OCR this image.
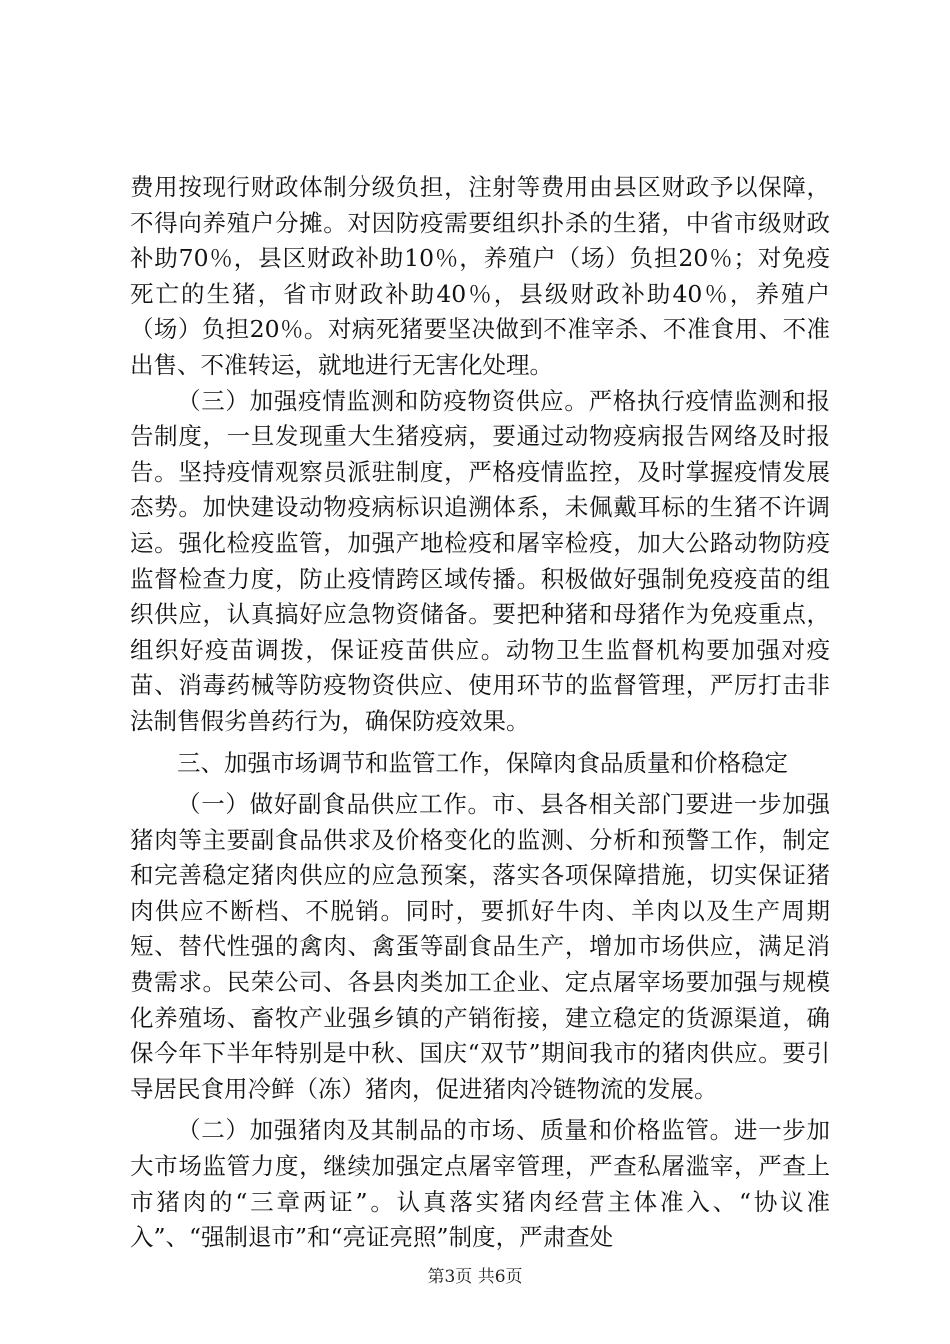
费用按现行财政体制分级负担，注射等费用由县区财政予以保障，不得向养殖户分摊。对因防疫需要组织扑杀的生猪，中省市级财政补助70％，县区财政补助10％，养殖户（场）负担20％；对免疫死亡的生猪，省市财政补助40％，县级财政补助40％，养殖户（场）负担20％。对病死猪要坚决做到不准宰杀、不准食用、不准出售、不准转运，就地进行无害化处理。

（三）加强疫情监测和防疫物资供应。严格执行疫情监测和报告制度，一旦发现重大生猪疫病，要通过动物疫病报告网络及时报告。坚持疫情观察员派驻制度，严格疫情监控，及时掌握疫情发展态势。加快建设动物疫病标识追溯体系，未佩戴耳标的生猪不许调运。强化检疫监管，加强产地检疫和屠宰检疫，加大公路动物防疫监督检查力度，防止疫情跨区域传播。积极做好强制免疫疫苗的组织供应，认真搞好应急物资储备。要把种猪和母猪作为免疫重点，组织好疫苗调拨，保证疫苗供应。动物卫生监督机构要加强对疫苗、消毒药械等防疫物资供应、使用环节的监督管理，严厉打击非法制售假劣兽药行为，确保防疫效果。

三、加强市场调节和监管工作，保障肉食品质量和价格稳定

（一）做好副食品供应工作。市、县各相关部门要进一步加强猪肉等主要副食品供求及价格变化的监测、分析和预警工作，制定和完善稳定猪肉供应的应急预案，落实各项保障措施，切实保证猪肉供应不断档、不脱销。同时，要抓好牛肉、羊肉以及生产周期短、替代性强的禽肉、禽蛋等副食品生产，增加市场供应，满足消费需求。民荣公司、各县肉类加工企业、定点屠宰场要加强与规模化养殖场、畜牧产业强乡镇的产销衔接，建立稳定的货源渠道，确保今年下半年特别是中秋、国庆“双节”期间我市的猪肉供应。要引导居民食用冷鲜（冻）猪肉，促进猪肉冷链物流的发展。

（二）加强猪肉及其制品的市场、质量和价格监管。进一步加大市场监管力度，继续加强定点屠宰管理，严查私屠滥宰，严查上市猪肉的“三章两证”。认真落实猪肉经营主体准入、“协议准入”、“强制退市”和“亮证亮照”制度，严肃查处

第3页 共6页
